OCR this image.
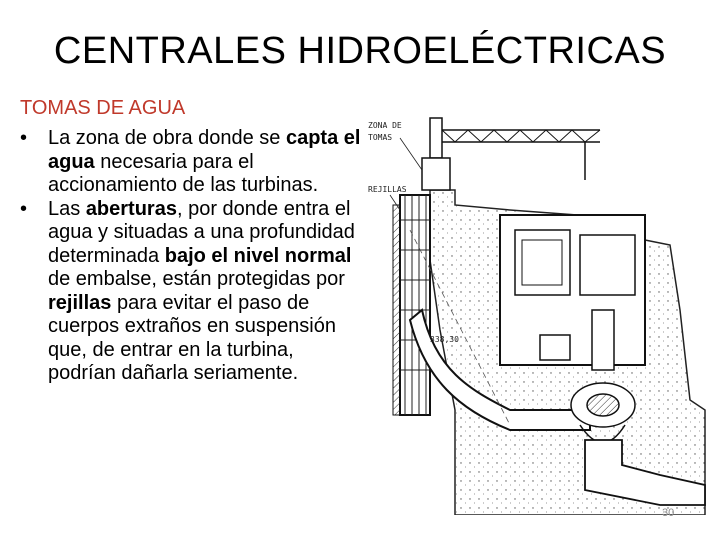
CENTRALES HIDROELÉCTRICAS
TOMAS DE AGUA
• La zona de obra donde se capta el agua necesaria para el accionamiento de las turbinas.
• Las aberturas, por donde entra el agua y situadas a una profundidad determinada bajo el nivel normal de embalse, están protegidas por rejillas para evitar el paso de cuerpos extraños en suspensión que, de entrar en la turbina, podrían dañarla seriamente.
ZONA DE
TOMAS
REJILLAS
338,30
30
